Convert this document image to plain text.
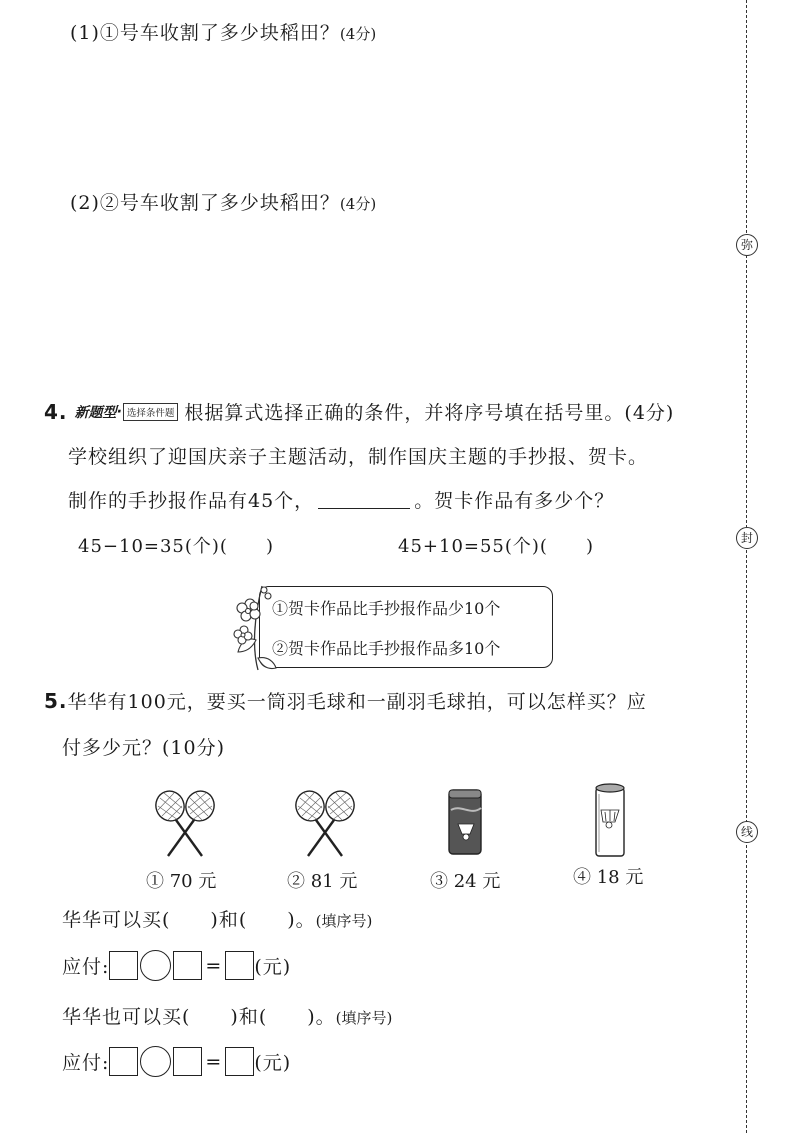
弥
封
线
(1)①号车收割了多少块稻田？(4分)
(2)②号车收割了多少块稻田？(4分)
4. 新题型 · 选择条件题 根据算式选择正确的条件，并将序号填在括号里。(4分)
学校组织了迎国庆亲子主题活动，制作国庆主题的手抄报、贺卡。
制作的手抄报作品有45个，	。贺卡作品有多少个？
45−10=35(个)(　　)	45+10=55(个)(　　)
①贺卡作品比手抄报作品少10个
②贺卡作品比手抄报作品多10个
5.华华有100元，要买一筒羽毛球和一副羽毛球拍，可以怎样买？应
付多少元？(10分)
① 70 元	② 81 元	③ 24 元	④ 18 元
华华可以买(　　)和(　　)。(填序号)
应付:	= (元)
华华也可以买(　　)和(　　)。(填序号)
应付:	= (元)
